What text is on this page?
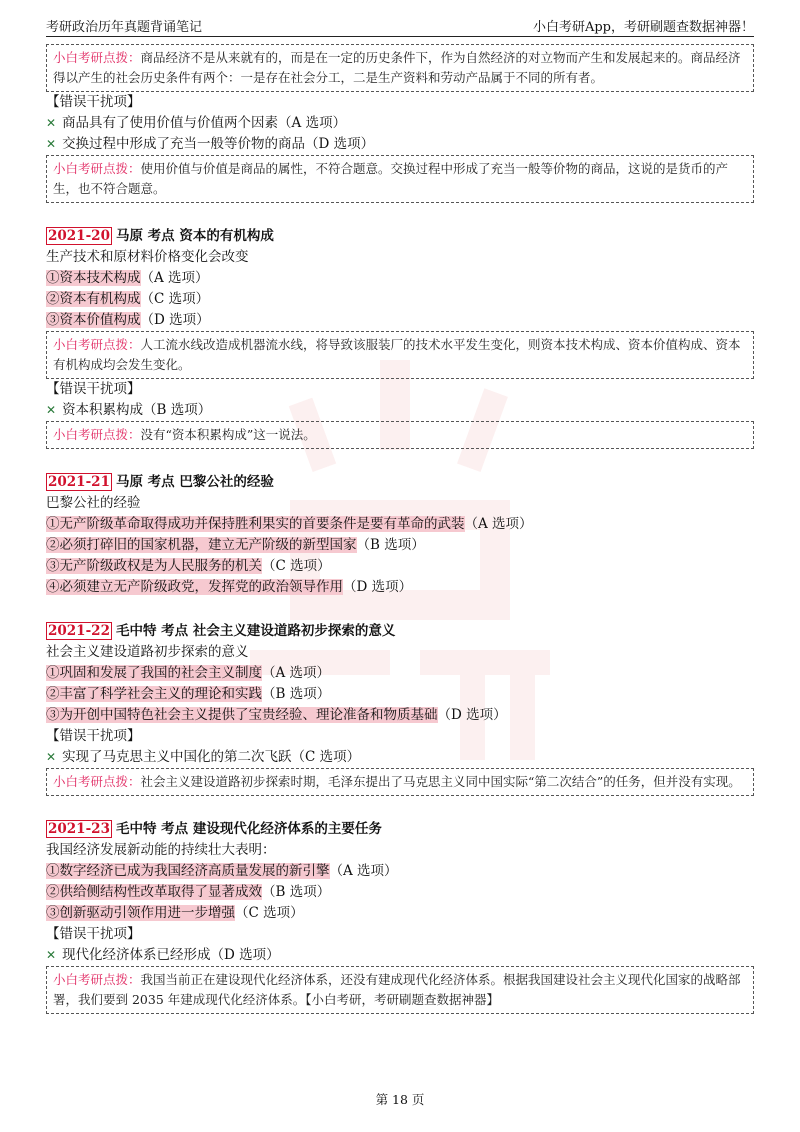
考研政治历年真题背诵笔记	小白考研App，考研刷题查数据神器！
小白考研点拨：商品经济不是从来就有的，而是在一定的历史条件下，作为自然经济的对立物而产生和发展起来的。商品经济得以产生的社会历史条件有两个：一是存在社会分工，二是生产资料和劳动产品属于不同的所有者。
【错误干扰项】
✕ 商品具有了使用价值与价值两个因素（A 选项）
✕ 交换过程中形成了充当一般等价物的商品（D 选项）
小白考研点拨：使用价值与价值是商品的属性，不符合题意。交换过程中形成了充当一般等价物的商品，这说的是货币的产生，也不符合题意。
2021-20 马原 考点 资本的有机构成
生产技术和原材料价格变化会改变
①资本技术构成（A 选项）
②资本有机构成（C 选项）
③资本价值构成（D 选项）
小白考研点拨：人工流水线改造成机器流水线，将导致该服装厂的技术水平发生变化，则资本技术构成、资本价值构成、资本有机构成均会发生变化。
【错误干扰项】
✕ 资本积累构成（B 选项）
小白考研点拨：没有“资本积累构成”这一说法。
2021-21 马原 考点 巴黎公社的经验
巴黎公社的经验
①无产阶级革命取得成功并保持胜利果实的首要条件是要有革命的武装（A 选项）
②必须打碎旧的国家机器，建立无产阶级的新型国家（B 选项）
③无产阶级政权是为人民服务的机关（C 选项）
④必须建立无产阶级政党，发挥党的政治领导作用（D 选项）
2021-22 毛中特 考点 社会主义建设道路初步探索的意义
社会主义建设道路初步探索的意义
①巩固和发展了我国的社会主义制度（A 选项）
②丰富了科学社会主义的理论和实践（B 选项）
③为开创中国特色社会主义提供了宝贵经验、理论准备和物质基础（D 选项）
【错误干扰项】
✕ 实现了马克思主义中国化的第二次飞跃（C 选项）
小白考研点拨：社会主义建设道路初步探索时期，毛泽东提出了马克思主义同中国实际“第二次结合”的任务，但并没有实现。
2021-23 毛中特 考点 建设现代化经济体系的主要任务
我国经济发展新动能的持续壮大表明：
①数字经济已成为我国经济高质量发展的新引擎（A 选项）
②供给侧结构性改革取得了显著成效（B 选项）
③创新驱动引领作用进一步增强（C 选项）
【错误干扰项】
✕ 现代化经济体系已经形成（D 选项）
小白考研点拨：我国当前正在建设现代化经济体系，还没有建成现代化经济体系。根据我国建设社会主义现代化国家的战略部署，我们要到 2035 年建成现代化经济体系。【小白考研，考研刷题查数据神器】
第 18 页
